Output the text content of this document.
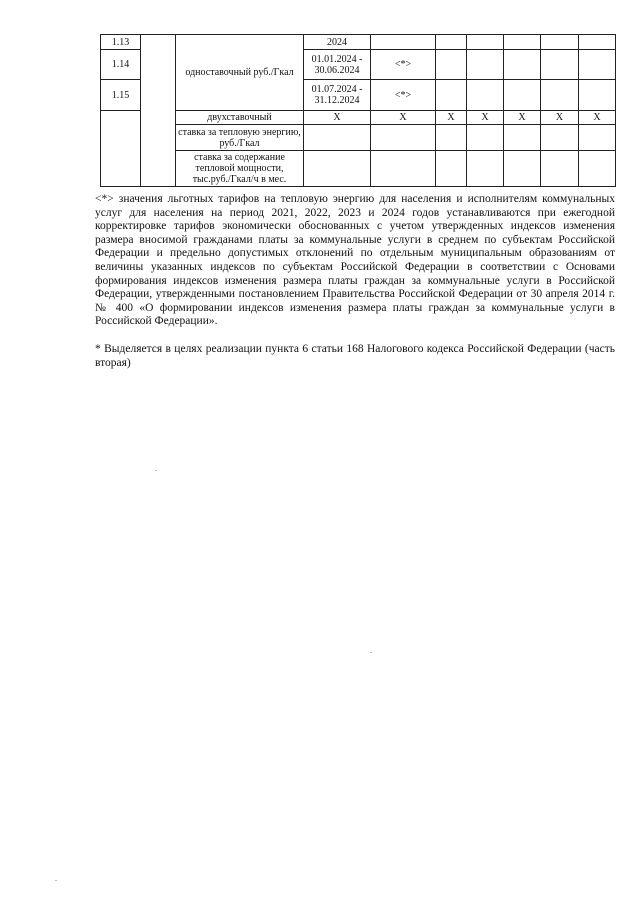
1.13		одноставочный руб./Гкал	2024							
1.14			01.01.2024 - 30.06.2024	<*>						
1.15			01.07.2024 - 31.12.2024	<*>						
		двухставочный	Х	Х	Х	Х	Х	Х	Х	
		ставка за тепловую энергию, руб./Гкал								
		ставка за содержание тепловой мощности, тыс.руб./Гкал/ч в мес.								

<*> значения льготных тарифов на тепловую энергию для населения и исполнителям коммунальных услуг для населения на период 2021, 2022, 2023 и 2024 годов устанавливаются при ежегодной корректировке тарифов экономически обоснованных с учетом утвержденных индексов изменения размера вносимой гражданами платы за коммунальные услуги в среднем по субъектам Российской Федерации и предельно допустимых отклонений по отдельным муниципальным образованиям от величины указанных индексов по субъектам Российской Федерации в соответствии с Основами формирования индексов изменения размера платы граждан за коммунальные услуги в Российской Федерации, утвержденными постановлением Правительства Российской Федерации от 30 апреля 2014 г. № 400 «О формировании индексов изменения размера платы граждан за коммунальные услуги в Российской Федерации».

* Выделяется в целях реализации пункта 6 статьи 168 Налогового кодекса Российской Федерации (часть вторая)
